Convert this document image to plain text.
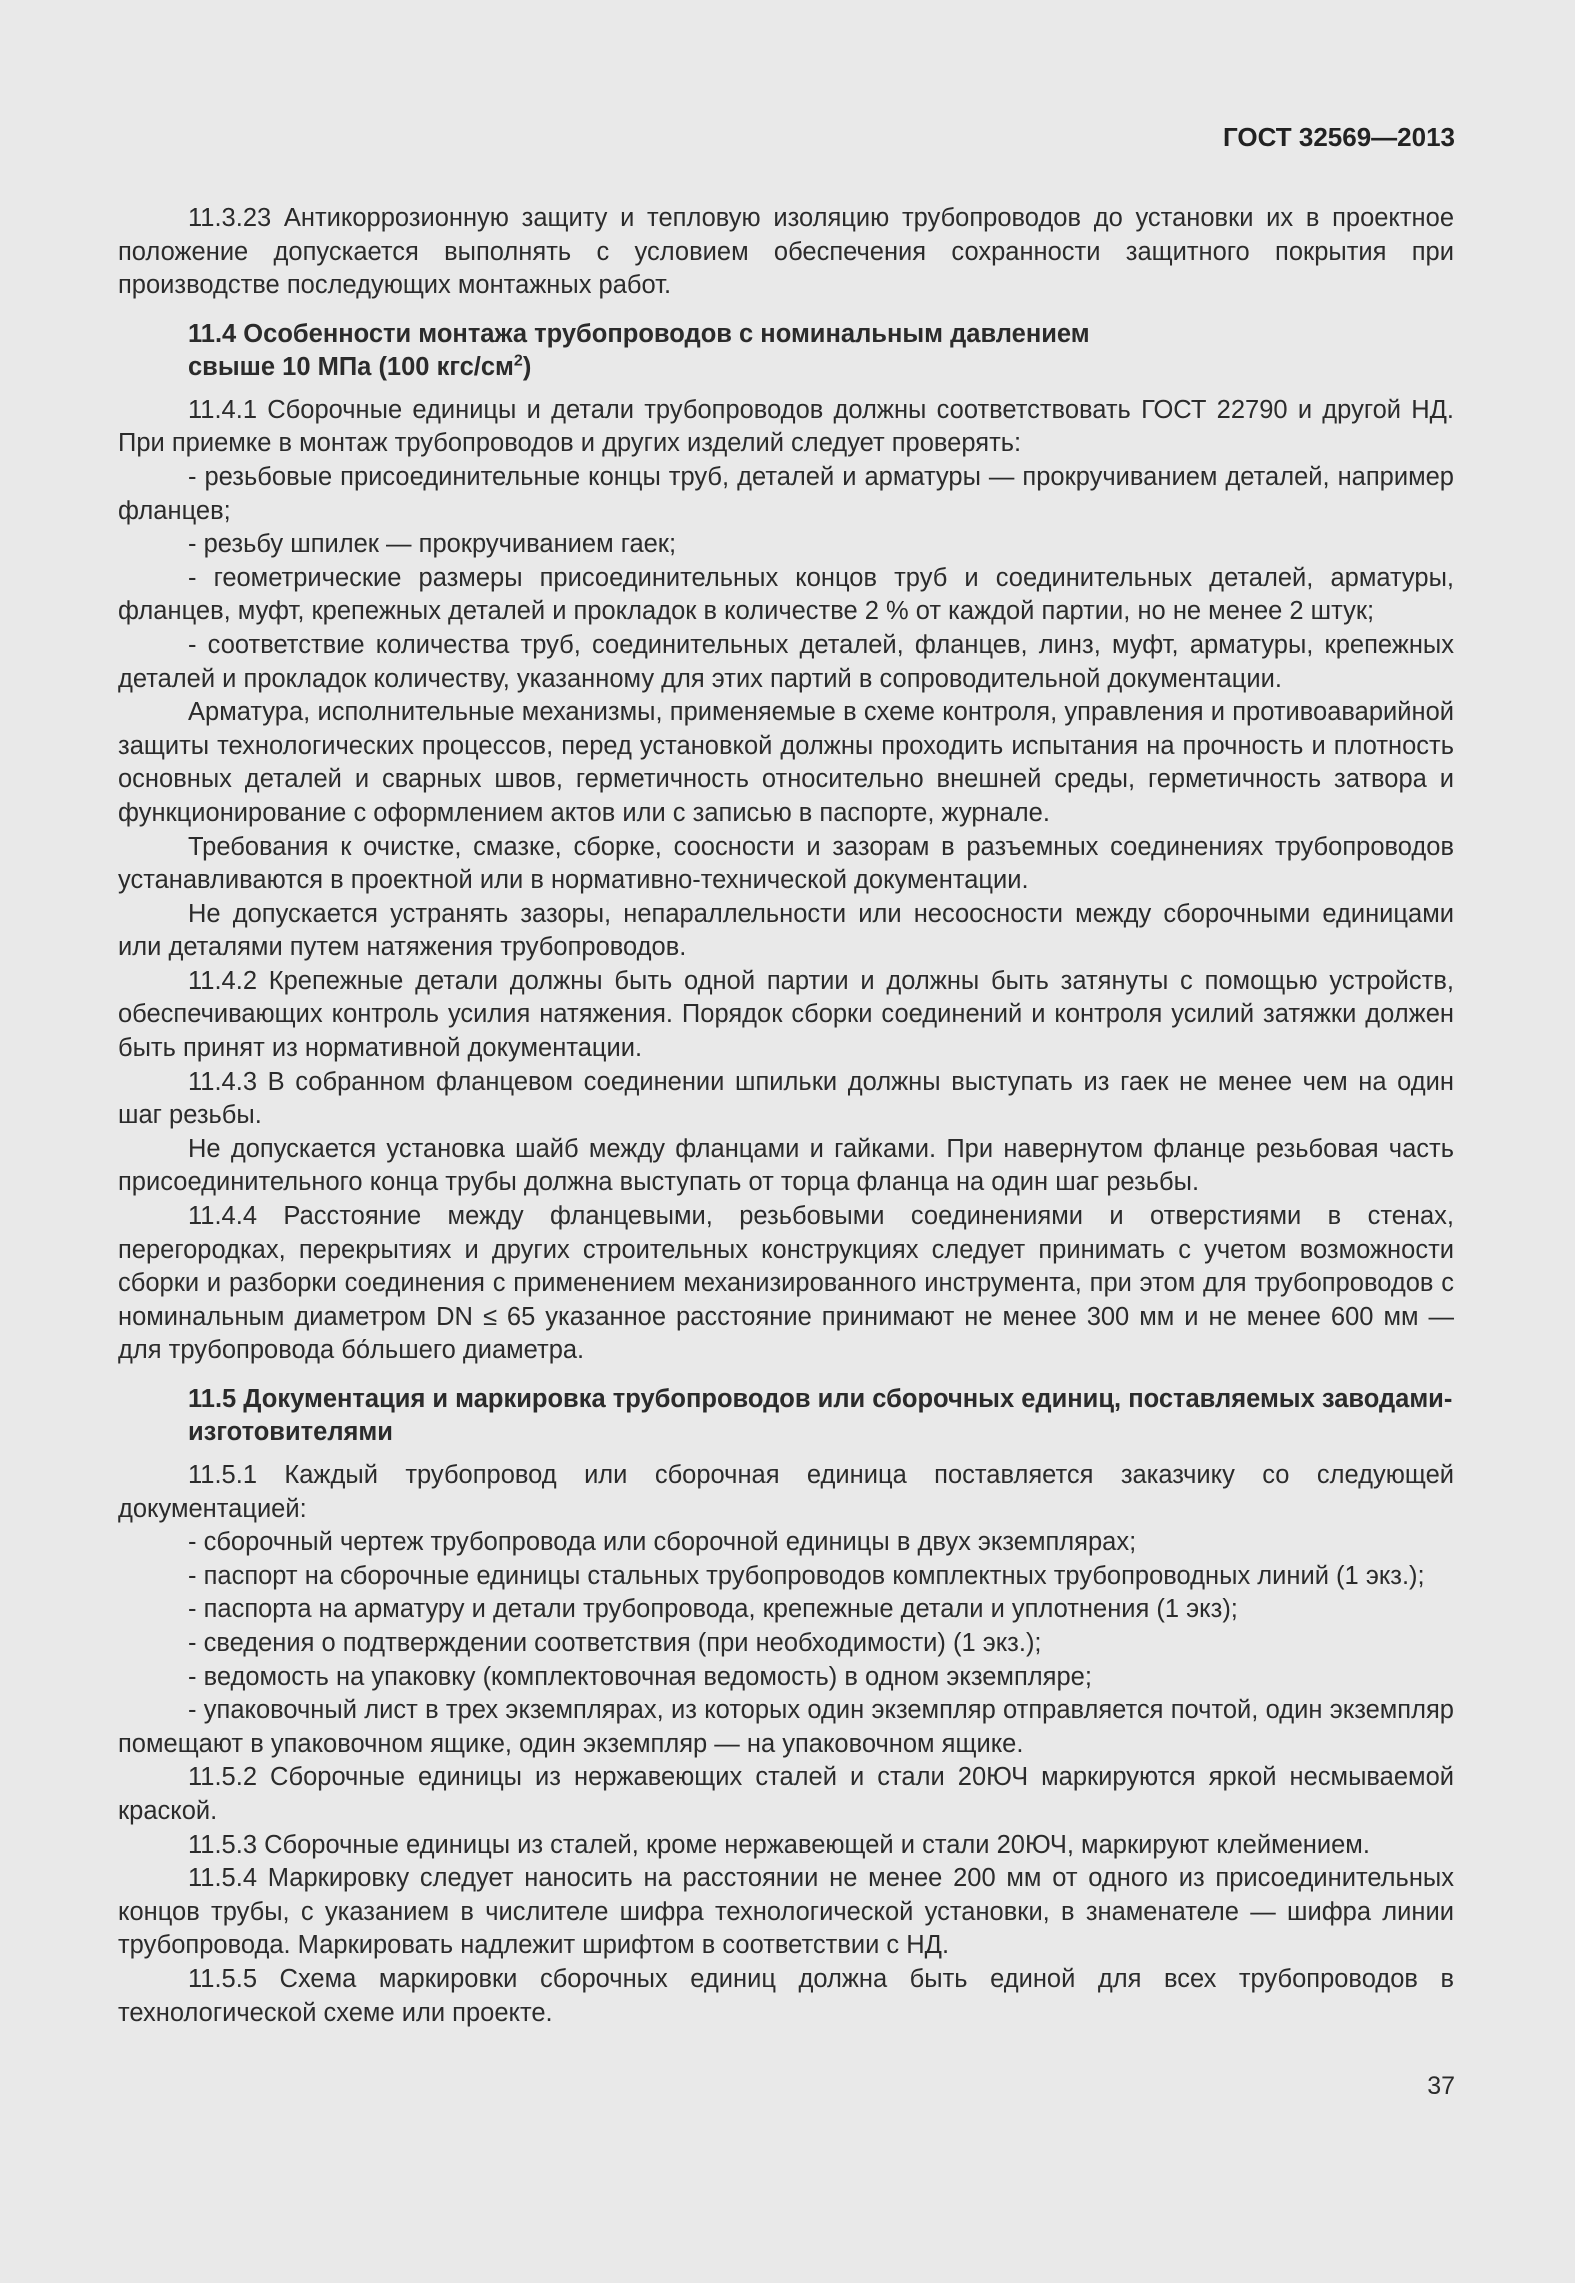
ГОСТ 32569—2013

11.3.23 Антикоррозионную защиту и тепловую изоляцию трубопроводов до установки их в проектное положение допускается выполнять с условием обеспечения сохранности защитного покрытия при производстве последующих монтажных работ.

11.4 Особенности монтажа трубопроводов с номинальным давлением
свыше 10 МПа (100 кгс/$см^2$)

11.4.1 Сборочные единицы и детали трубопроводов должны соответствовать ГОСТ 22790 и другой НД. При приемке в монтаж трубопроводов и других изделий следует проверять:

- резьбовые присоединительные концы труб, деталей и арматуры — прокручиванием деталей, например фланцев;

- резьбу шпилек — прокручиванием гаек;

- геометрические размеры присоединительных концов труб и соединительных деталей, арматуры, фланцев, муфт, крепежных деталей и прокладок в количестве 2 % от каждой партии, но не менее 2 штук;

- соответствие количества труб, соединительных деталей, фланцев, линз, муфт, арматуры, крепежных деталей и прокладок количеству, указанному для этих партий в сопроводительной документации.

Арматура, исполнительные механизмы, применяемые в схеме контроля, управления и противоаварийной защиты технологических процессов, перед установкой должны проходить испытания на прочность и плотность основных деталей и сварных швов, герметичность относительно внешней среды, герметичность затвора и функционирование с оформлением актов или с записью в паспорте, журнале.

Требования к очистке, смазке, сборке, соосности и зазорам в разъемных соединениях трубопроводов устанавливаются в проектной или в нормативно-технической документации.

Не допускается устранять зазоры, непараллельности или несоосности между сборочными единицами или деталями путем натяжения трубопроводов.

11.4.2 Крепежные детали должны быть одной партии и должны быть затянуты с помощью устройств, обеспечивающих контроль усилия натяжения. Порядок сборки соединений и контроля усилий затяжки должен быть принят из нормативной документации.

11.4.3 В собранном фланцевом соединении шпильки должны выступать из гаек не менее чем на один шаг резьбы.

Не допускается установка шайб между фланцами и гайками. При навернутом фланце резьбовая часть присоединительного конца трубы должна выступать от торца фланца на один шаг резьбы.

11.4.4 Расстояние между фланцевыми, резьбовыми соединениями и отверстиями в стенах, перегородках, перекрытиях и других строительных конструкциях следует принимать с учетом возможности сборки и разборки соединения с применением механизированного инструмента, при этом для трубопроводов с номинальным диаметром DN ≤ 65 указанное расстояние принимают не менее 300 мм и не менее 600 мм — для трубопровода бо́льшего диаметра.

11.5 Документация и маркировка трубопроводов или сборочных единиц, поставляемых заводами-изготовителями

11.5.1 Каждый трубопровод или сборочная единица поставляется заказчику со следующей документацией:

- сборочный чертеж трубопровода или сборочной единицы в двух экземплярах;

- паспорт на сборочные единицы стальных трубопроводов комплектных трубопроводных линий (1 экз.);

- паспорта на арматуру и детали трубопровода, крепежные детали и уплотнения (1 экз);

- сведения о подтверждении соответствия (при необходимости) (1 экз.);

- ведомость на упаковку (комплектовочная ведомость) в одном экземпляре;

- упаковочный лист в трех экземплярах, из которых один экземпляр отправляется почтой, один экземпляр помещают в упаковочном ящике, один экземпляр — на упаковочном ящике.

11.5.2 Сборочные единицы из нержавеющих сталей и стали 20ЮЧ маркируются яркой несмываемой краской.

11.5.3 Сборочные единицы из сталей, кроме нержавеющей и стали 20ЮЧ, маркируют клеймением.

11.5.4 Маркировку следует наносить на расстоянии не менее 200 мм от одного из присоединительных концов трубы, с указанием в числителе шифра технологической установки, в знаменателе — шифра линии трубопровода. Маркировать надлежит шрифтом в соответствии с НД.

11.5.5 Схема маркировки сборочных единиц должна быть единой для всех трубопроводов в технологической схеме или проекте.

37
